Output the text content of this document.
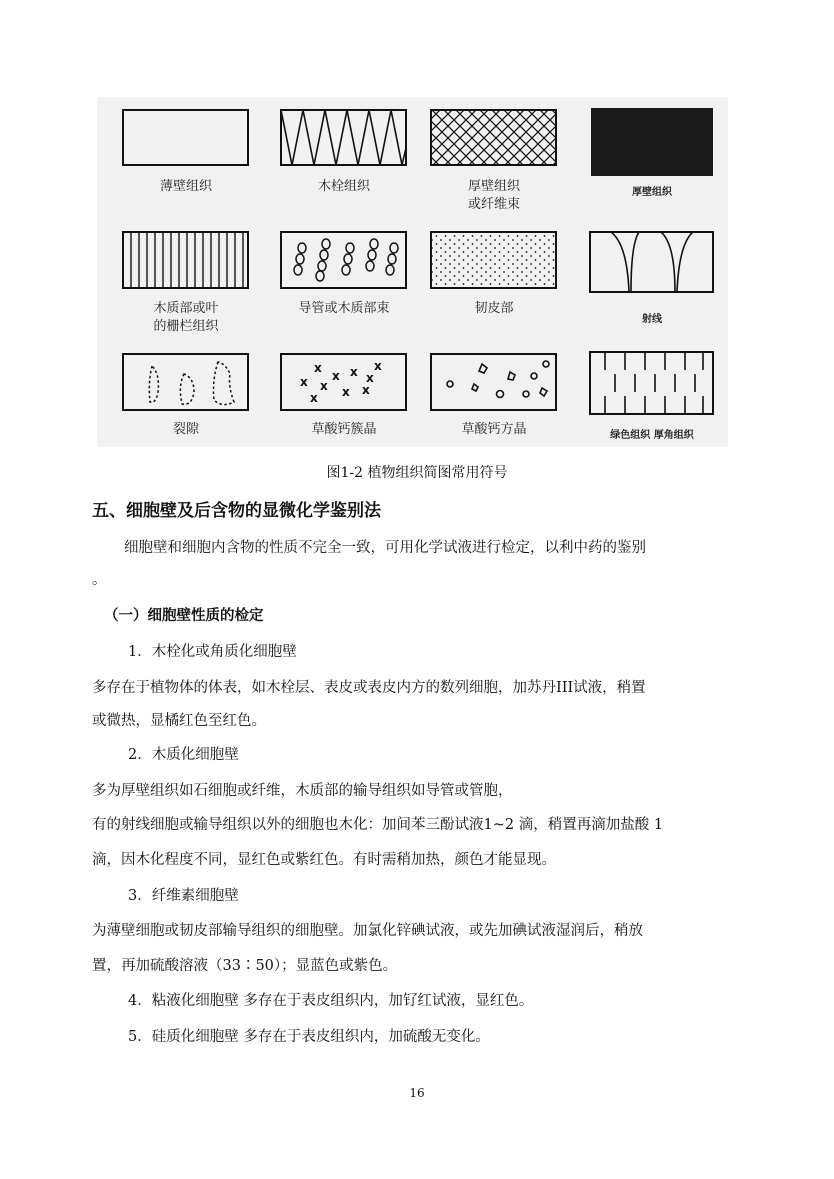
薄壁组织	木栓组织	厚壁组织
或纤维束
厚壁组织
木质部或叶
的栅栏组织
导管或木质部束	韧皮部
射线
x
x x x
x x x x
x
x
裂隙	草酸钙簇晶	草酸钙方晶	绿色组织 厚角组织
图1-2 植物组织简图常用符号
五、细胞壁及后含物的显微化学鉴别法
细胞壁和细胞内含物的性质不完全一致，可用化学试液进行检定，以利中药的鉴别
。
（一）细胞壁性质的检定
1．木栓化或角质化细胞壁
多存在于植物体的体表，如木栓层、表皮或表皮内方的数列细胞，加苏丹III试液，稍置
或微热，显橘红色至红色。
2．木质化细胞壁
多为厚壁组织如石细胞或纤维，木质部的输导组织如导管或管胞，
有的射线细胞或输导组织以外的细胞也木化：加间苯三酚试液1~2 滴，稍置再滴加盐酸 1
滴，因木化程度不同，显红色或紫红色。有时需稍加热，颜色才能显现。
3．纤维素细胞壁
为薄壁细胞或韧皮部输导组织的细胞壁。加氯化锌碘试液，或先加碘试液湿润后，稍放
置，再加硫酸溶液（33∶50）；显蓝色或紫色。
4．粘液化细胞壁 多存在于表皮组织内，加钌红试液，显红色。
5．硅质化细胞壁 多存在于表皮组织内，加硫酸无变化。
16
